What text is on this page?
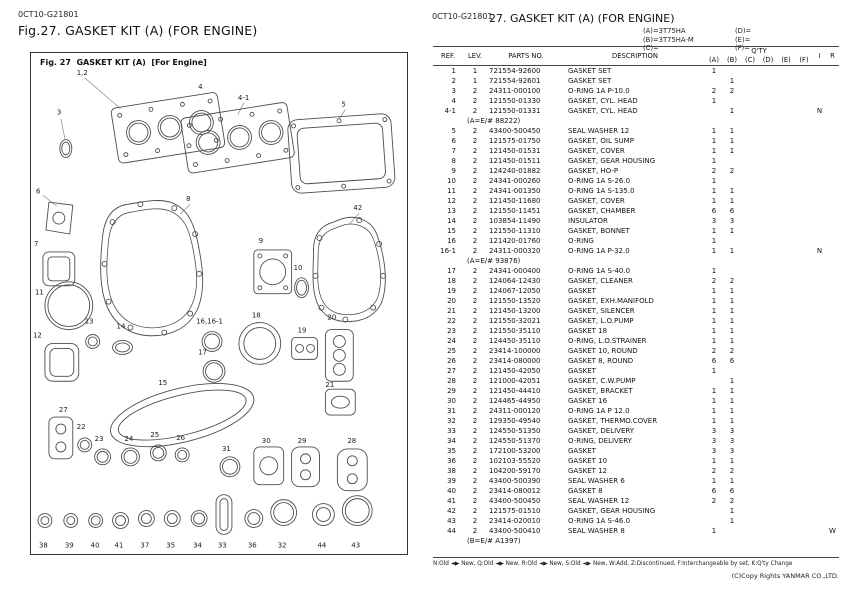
0CT10-G21801
Fig.27. GASKET KIT (A) (FOR ENGINE)
Fig. 27  GASKET KIT (A)  [For Engine]
1,2
3
4
4-1
5
6
7
8
9
10
11
12
13
14
15
16,16-1
17
18
19
20
21
22
23	24 25 26
27
28
29
30
31
32
33
34
35	36
37
38 39 40 41
42
43
44
0CT10-G21801
27. GASKET KIT (A) (FOR ENGINE)
(A)=3T75HA	(D)=
(B)=3T75HA-M	(E)=
(C)=	(F)=
REF.	LEV.	PARTS NO.	DESCRIPTION	Q'TY						I	R
				(A)	(B)	(C)	(D)	(E)	(F)		
1	1	721554-92600	GASKET SET	1							
2	1	721554-92601	GASKET SET		1						
3	2	24311-000100	O-RING 1A P-10.0	2	2						
4	2	121550-01330	GASKET, CYL. HEAD	1							
4-1	2	121550-01331	GASKET, CYL. HEAD		1					N	
	(A=E/# 88222)										
5	2	43400-500450	SEAL WASHER 12	1	1						
6	2	121575-01750	GASKET, OIL SUMP	1	1						
7	2	121450-01531	GASKET, COVER	1	1						
8	2	121450-01511	GASKET, GEAR HOUSING	1							
9	2	124240-01882	GASKET, HO-P	2	2						
10	2	24341-000260	O-RING 1A S-26.0	1							
11	2	24341-001350	O-RING 1A S-135.0	1	1						
12	2	121450-11680	GASKET, COVER	1	1						
13	2	121550-11451	GASKET, CHAMBER	6	6						
14	2	103854-11490	INSULATOR	3	3						
15	2	121550-11310	GASKET, BONNET	1	1						
16	2	121420-01760	O-RING	1							
16-1	2	24311-000320	O-RING 1A P-32.0	1	1					N	
	(A=E/# 93876)										
17	2	24341-000400	O-RING 1A S-40.0	1							
18	2	124064-12430	GASKET, CLEANER	2	2						
19	2	124067-12050	GASKET	1	1						
20	2	121550-13520	GASKET, EXH.MANIFOLD	1	1						
21	2	121450-13200	GASKET, SILENCER	1	1						
22	2	121550-32021	GASKET, L.O.PUMP	1	1						
23	2	121550-35110	GASKET 18	1	1						
24	2	124450-35110	O-RING, L.O.STRAINER	1	1						
25	2	23414-100000	GASKET 10, ROUND	2	2						
26	2	23414-080000	GASKET 8, ROUND	6	6						
27	2	121450-42050	GASKET	1							
28	2	121000-42051	GASKET, C.W.PUMP		1						
29	2	121450-44410	GASKET, BRACKET	1	1						
30	2	124465-44950	GASKET 16	1	1						
31	2	24311-000120	O-RING 1A P 12.0	1	1						
32	2	129350-49540	GASKET, THERMO.COVER	1	1						
33	2	124550-51350	GASKET, DELIVERY	3	3						
34	2	124550-51370	O-RING, DELIVERY	3	3						
35	2	172100-53200	GASKET	3	3						
36	2	102103-55520	GASKET 10	1	1						
38	2	104200-59170	GASKET 12	2	2						
39	2	43400-500390	SEAL WASHER 6	1	1						
40	2	23414-080012	GASKET 8	6	6						
41	2	43400-500450	SEAL WASHER 12	2	2						
42	2	121575-01510	GASKET, GEAR HOUSING		1						
43	2	23414-020010	O-RING 1A S-46.0		1						
44	2	43400-500410	SEAL WASHER 8	1							W
	(B=E/# A1397)										
N:Old ◄▶ New, Q:Old ◄▶ New, R:Old ◄▶ New, S:Old ◄▶ New, W:Add, Z:Discontinued, F:Interchangeable by set, K:Q'ty Change
(C)Copy Rights YANMAR CO.,LTD.
